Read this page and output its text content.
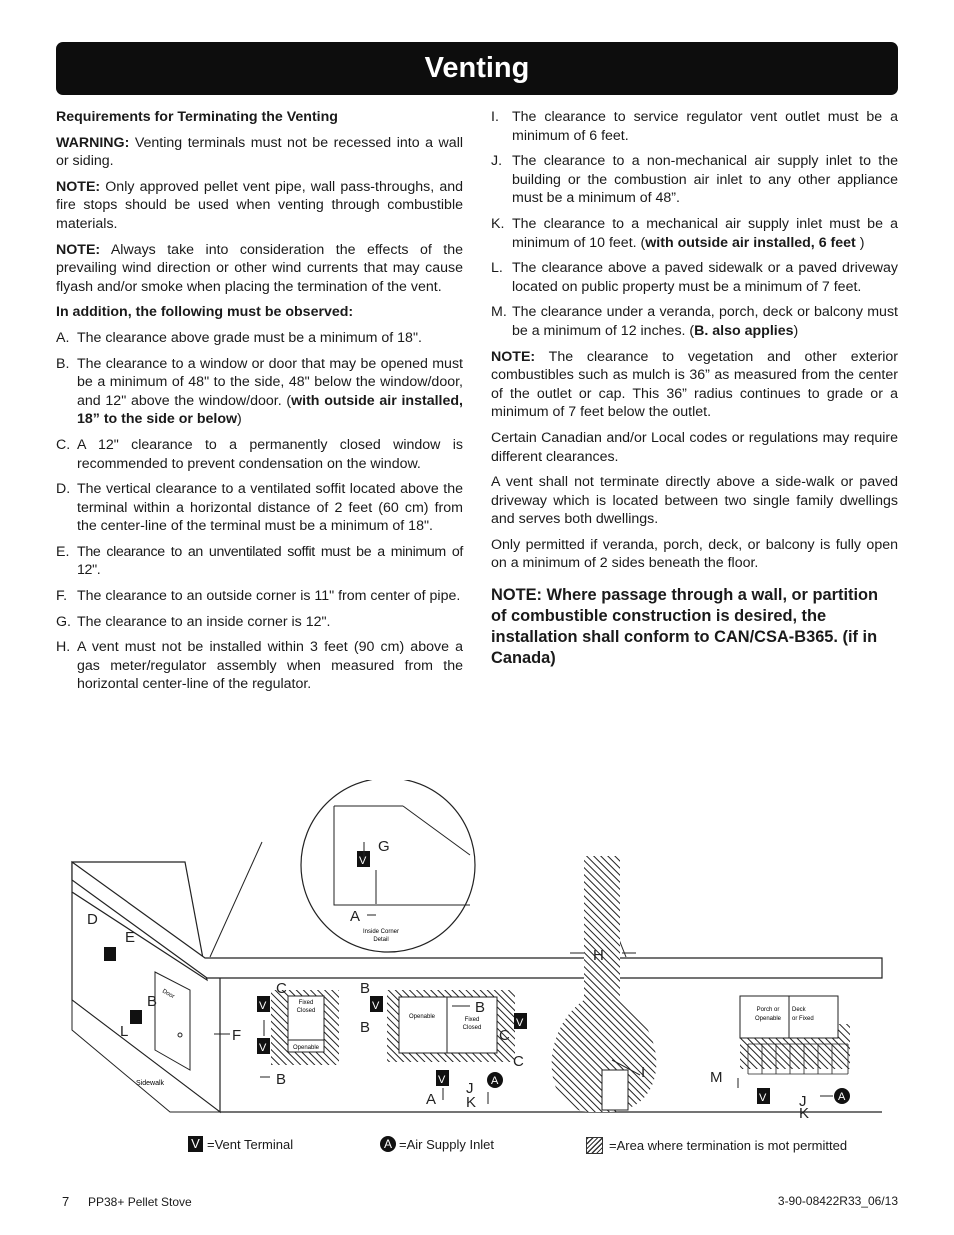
Venting

Requirements for Terminating the Venting

WARNING: Venting terminals must not be recessed into a wall or siding.

NOTE: Only approved pellet vent pipe, wall pass-throughs, and fire stops should be used when venting through combustible materials.

NOTE: Always take into consideration the effects of the prevailing wind direction or other wind currents that may cause flyash and/or smoke when placing the termination of the vent.

In addition, the following must be observed:

A. The clearance above grade must be a minimum of 18".
B. The clearance to a window or door that may be opened must be a minimum of 48" to the side, 48" below the window/door, and 12" above the window/door. (with outside air installed, 18” to the side or below)
C. A 12" clearance to a permanently closed window is recommended to prevent condensation on the window.
D. The vertical clearance to a ventilated soffit located above the terminal within a horizontal distance of 2 feet (60 cm) from the center-line of the terminal must be a minimum of 18".
E. The clearance to an unventilated soffit must be a minimum of 12".
F. The clearance to an outside corner is 11" from center of pipe.
G. The clearance to an inside corner is 12".
H. A vent must not be installed within 3 feet (90 cm) above a gas meter/regulator assembly when measured from the horizontal center-line of the regulator.
I. The clearance to service regulator vent outlet must be a minimum of 6 feet.
J. The clearance to a non-mechanical air supply inlet to the building or the combustion air inlet to any other appliance must be a minimum of 48”.
K. The clearance to a mechanical air supply inlet must be a minimum of 10 feet. (with outside air installed, 6 feet )
L. The clearance above a paved sidewalk or a paved driveway located on public property must be a minimum of 7 feet.
M. The clearance under a veranda, porch, deck or balcony must be a minimum of 12 inches. (B. also applies)

NOTE: The clearance to vegetation and other exterior combustibles such as mulch is 36” as measured from the center of the outlet or cap. This 36” radius continues to grade or a minimum of 7 feet below the outlet.

Certain Canadian and/or Local codes or regulations may require different clearances.

A vent shall not terminate directly above a side-walk or paved driveway which is located between two single family dwellings and serves both dwellings.

Only permitted if veranda, porch, deck, or balcony is fully open on a minimum of 2 sides beneath the floor.

NOTE: Where passage through a wall, or partition of combustible construction is desired, the installation shall conform to CAN/CSA-B365. (if in Canada)

Sidewalk
Door
Inside Corner Detail
Fixed Closed
Openable
Openable	Fixed Closed
Porch or Openable
Deck or Fixed
V
V
V
V
V
V
V
A
A
D
E
B
L	F
C
B
G
A
B
B
B
C
C
A
J
K
H
I	M
J
K
V =Vent Terminal	A =Air Supply Inlet	=Area where termination is mot permitted
7 PP38+ Pellet Stove	3-90-08422R33_06/13
